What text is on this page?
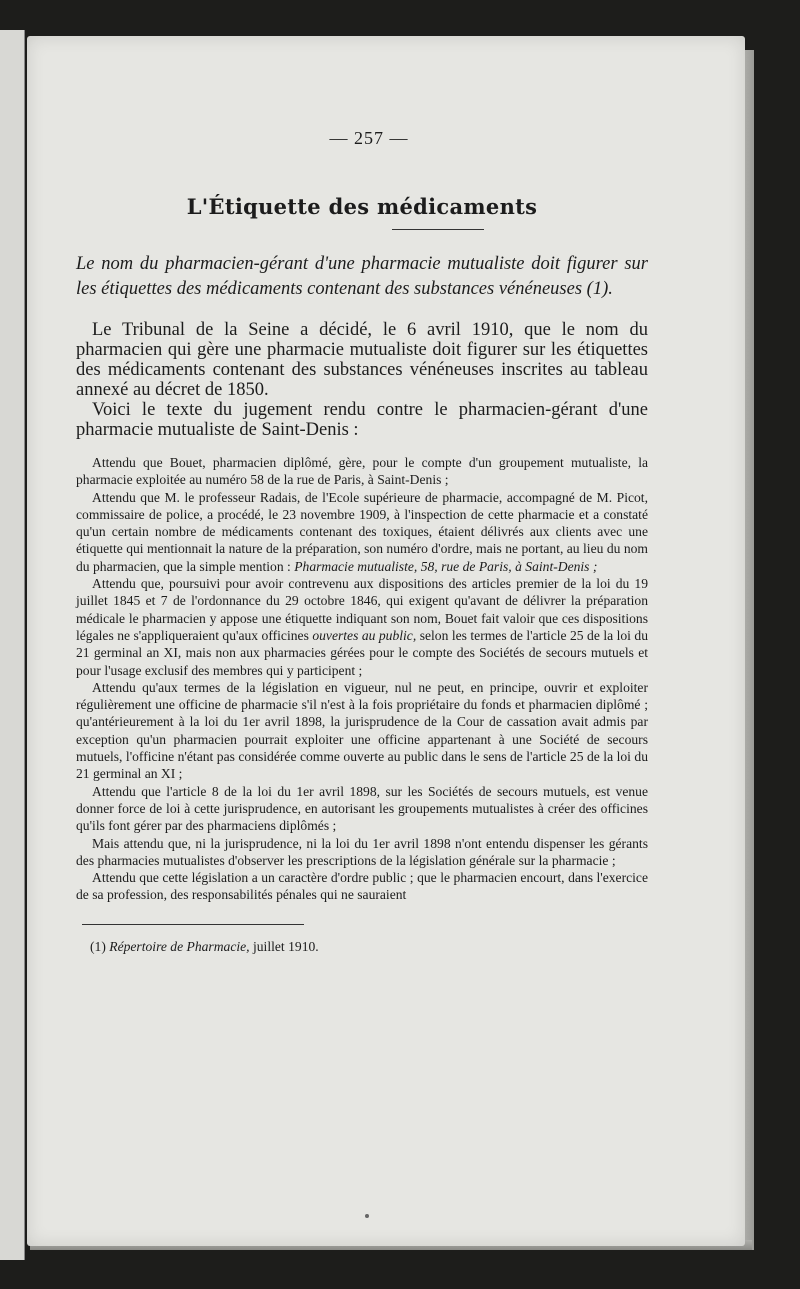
— 257 —
L'Étiquette des médicaments

Le nom du pharmacien-gérant d'une pharmacie mutualiste doit figurer sur les étiquettes des médicaments contenant des substances vénéneuses (1).

Le Tribunal de la Seine a décidé, le 6 avril 1910, que le nom du pharmacien qui gère une pharmacie mutualiste doit figurer sur les étiquettes des médicaments contenant des substances vénéneuses inscrites au tableau annexé au décret de 1850.

Voici le texte du jugement rendu contre le pharmacien-gérant d'une pharmacie mutualiste de Saint-Denis :

Attendu que Bouet, pharmacien diplômé, gère, pour le compte d'un groupement mutualiste, la pharmacie exploitée au numéro 58 de la rue de Paris, à Saint-Denis ;

Attendu que M. le professeur Radais, de l'Ecole supérieure de pharmacie, accompagné de M. Picot, commissaire de police, a procédé, le 23 novembre 1909, à l'inspection de cette pharmacie et a constaté qu'un certain nombre de médicaments contenant des toxiques, étaient délivrés aux clients avec une étiquette qui mentionnait la nature de la préparation, son numéro d'ordre, mais ne portant, au lieu du nom du pharmacien, que la simple mention : Pharmacie mutualiste, 58, rue de Paris, à Saint-Denis ;

Attendu que, poursuivi pour avoir contrevenu aux dispositions des articles premier de la loi du 19 juillet 1845 et 7 de l'ordonnance du 29 octobre 1846, qui exigent qu'avant de délivrer la préparation médicale le pharmacien y appose une étiquette indiquant son nom, Bouet fait valoir que ces dispositions légales ne s'appliqueraient qu'aux officines ouvertes au public, selon les termes de l'article 25 de la loi du 21 germinal an XI, mais non aux pharmacies gérées pour le compte des Sociétés de secours mutuels et pour l'usage exclusif des membres qui y participent ;

Attendu qu'aux termes de la législation en vigueur, nul ne peut, en principe, ouvrir et exploiter régulièrement une officine de pharmacie s'il n'est à la fois propriétaire du fonds et pharmacien diplômé ; qu'antérieurement à la loi du 1er avril 1898, la jurisprudence de la Cour de cassation avait admis par exception qu'un pharmacien pourrait exploiter une officine appartenant à une Société de secours mutuels, l'officine n'étant pas considérée comme ouverte au public dans le sens de l'article 25 de la loi du 21 germinal an XI ;

Attendu que l'article 8 de la loi du 1er avril 1898, sur les Sociétés de secours mutuels, est venue donner force de loi à cette jurisprudence, en autorisant les groupements mutualistes à créer des officines qu'ils font gérer par des pharmaciens diplômés ;

Mais attendu que, ni la jurisprudence, ni la loi du 1er avril 1898 n'ont entendu dispenser les gérants des pharmacies mutualistes d'observer les prescriptions de la législation générale sur la pharmacie ;

Attendu que cette législation a un caractère d'ordre public ; que le pharmacien encourt, dans l'exercice de sa profession, des responsabilités pénales qui ne sauraient

(1) Répertoire de Pharmacie, juillet 1910.
